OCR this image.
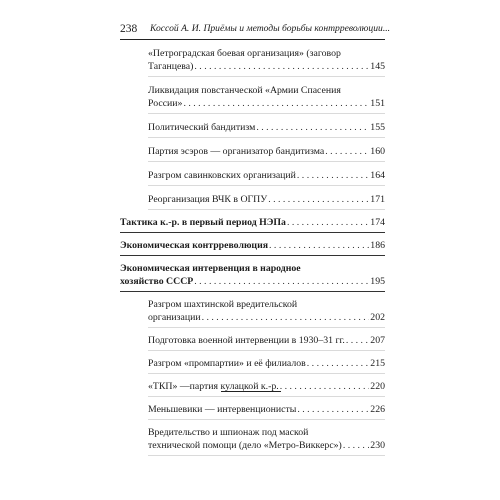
238 Коссой А. И. Приёмы и методы борьбы контрреволюции...
«Петроградская боевая организация» (заговор
Таганцева) . . .	145
Ликвидация повстанческой «Армии Спасения
России» . . .	151
Политический бандитизм . . .	155
Партия эсэров — организатор бандитизма . . .	160
Разгром савинковских организаций . . .	164
Реорганизация ВЧК в ОГПУ . . .	171
Тактика к.-р. в первый период НЭПа . . .	174
Экономическая контрреволюция . . .	186
Экономическая интервенция в народное
хозяйство СССР . . .	195
Разгром шахтинской вредительской
организации . . .	202
Подготовка военной интервенции в 1930–31 гг. . . .	207
Разгром «промпартии» и её филиалов . . .	215
«ТКП» —партия кулацкой к.-р. . . .	220
Меньшевики — интервенционисты . . .	226
Вредительство и шпионаж под маской
технической помощи (дело «Метро-Виккерс») . . .	230
